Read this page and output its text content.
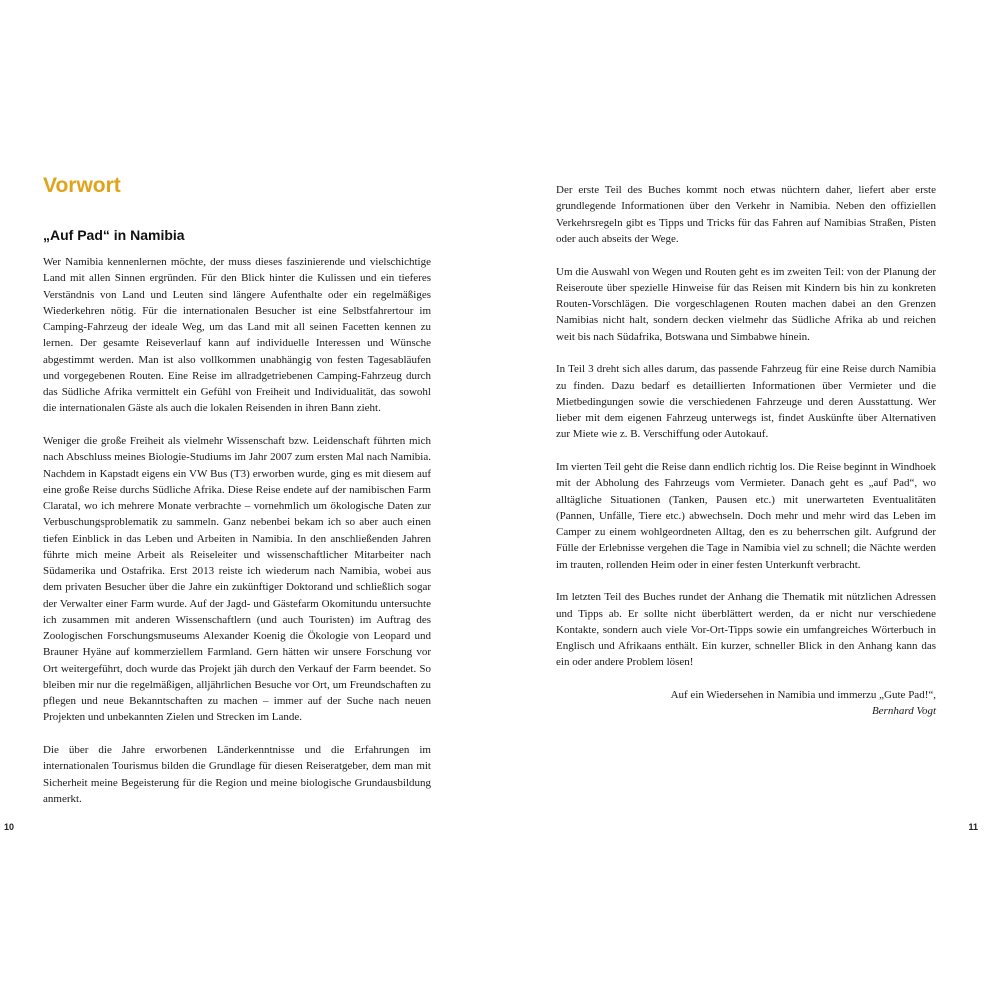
Vorwort
„Auf Pad“ in Namibia

Wer Namibia kennenlernen möchte, der muss dieses faszinierende und vielschichtige Land mit allen Sinnen ergründen. Für den Blick hinter die Kulissen und ein tieferes Verständnis von Land und Leuten sind längere Aufenthalte oder ein regelmäßiges Wiederkehren nötig. Für die internationalen Besucher ist eine Selbstfahrertour im Camping-Fahrzeug der ideale Weg, um das Land mit all seinen Facetten kennen zu lernen. Der gesamte Reiseverlauf kann auf individuelle Interessen und Wünsche abgestimmt werden. Man ist also vollkommen unabhängig von festen Tagesabläufen und vorgegebenen Routen. Eine Reise im allradgetriebenen Camping-Fahrzeug durch das Südliche Afrika vermittelt ein Gefühl von Freiheit und Individualität, das sowohl die internationalen Gäste als auch die lokalen Reisenden in ihren Bann zieht.

Weniger die große Freiheit als vielmehr Wissenschaft bzw. Leidenschaft führten mich nach Abschluss meines Biologie-Studiums im Jahr 2007 zum ersten Mal nach Namibia. Nachdem in Kapstadt eigens ein VW Bus (T3) erworben wurde, ging es mit diesem auf eine große Reise durchs Südliche Afrika. Diese Reise endete auf der namibischen Farm Claratal, wo ich mehrere Monate verbrachte – vornehmlich um ökologische Daten zur Verbuschungsproblematik zu sammeln. Ganz nebenbei bekam ich so aber auch einen tiefen Einblick in das Leben und Arbeiten in Namibia. In den anschließenden Jahren führte mich meine Arbeit als Reiseleiter und wissenschaftlicher Mitarbeiter nach Südamerika und Ostafrika. Erst 2013 reiste ich wiederum nach Namibia, wobei aus dem privaten Besucher über die Jahre ein zukünftiger Doktorand und schließlich sogar der Verwalter einer Farm wurde. Auf der Jagd- und Gästefarm Okomitundu untersuchte ich zusammen mit anderen Wissenschaftlern (und auch Touristen) im Auftrag des Zoologischen Forschungsmuseums Alexander Koenig die Ökologie von Leopard und Brauner Hyäne auf kommerziellem Farmland. Gern hätten wir unsere Forschung vor Ort weitergeführt, doch wurde das Projekt jäh durch den Verkauf der Farm beendet. So bleiben mir nur die regelmäßigen, alljährlichen Besuche vor Ort, um Freundschaften zu pflegen und neue Bekanntschaften zu machen – immer auf der Suche nach neuen Projekten und unbekannten Zielen und Strecken im Lande.

Die über die Jahre erworbenen Länderkenntnisse und die Erfahrungen im internationalen Tourismus bilden die Grundlage für diesen Reiseratgeber, dem man mit Sicherheit meine Begeisterung für die Region und meine biologische Grundausbildung anmerkt.

10

Der erste Teil des Buches kommt noch etwas nüchtern daher, liefert aber erste grundlegende Informationen über den Verkehr in Namibia. Neben den offiziellen Verkehrsregeln gibt es Tipps und Tricks für das Fahren auf Namibias Straßen, Pisten oder auch abseits der Wege.

Um die Auswahl von Wegen und Routen geht es im zweiten Teil: von der Planung der Reiseroute über spezielle Hinweise für das Reisen mit Kindern bis hin zu konkreten Routen-Vorschlägen. Die vorgeschlagenen Routen machen dabei an den Grenzen Namibias nicht halt, sondern decken vielmehr das Südliche Afrika ab und reichen weit bis nach Südafrika, Botswana und Simbabwe hinein.

In Teil 3 dreht sich alles darum, das passende Fahrzeug für eine Reise durch Namibia zu finden. Dazu bedarf es detaillierten Informationen über Vermieter und die Mietbedingungen sowie die verschiedenen Fahrzeuge und deren Ausstattung. Wer lieber mit dem eigenen Fahrzeug unterwegs ist, findet Auskünfte über Alternativen zur Miete wie z. B. Verschiffung oder Autokauf.

Im vierten Teil geht die Reise dann endlich richtig los. Die Reise beginnt in Windhoek mit der Abholung des Fahrzeugs vom Vermieter. Danach geht es „auf Pad“, wo alltägliche Situationen (Tanken, Pausen etc.) mit unerwarteten Eventualitäten (Pannen, Unfälle, Tiere etc.) abwechseln. Doch mehr und mehr wird das Leben im Camper zu einem wohlgeordneten Alltag, den es zu beherrschen gilt. Aufgrund der Fülle der Erlebnisse vergehen die Tage in Namibia viel zu schnell; die Nächte werden im trauten, rollenden Heim oder in einer festen Unterkunft verbracht.

Im letzten Teil des Buches rundet der Anhang die Thematik mit nützlichen Adressen und Tipps ab. Er sollte nicht überblättert werden, da er nicht nur verschiedene Kontakte, sondern auch viele Vor-Ort-Tipps sowie ein umfangreiches Wörterbuch in Englisch und Afrikaans enthält. Ein kurzer, schneller Blick in den Anhang kann das ein oder andere Problem lösen!

Auf ein Wiedersehen in Namibia und immerzu „Gute Pad!“,
Bernhard Vogt
11
